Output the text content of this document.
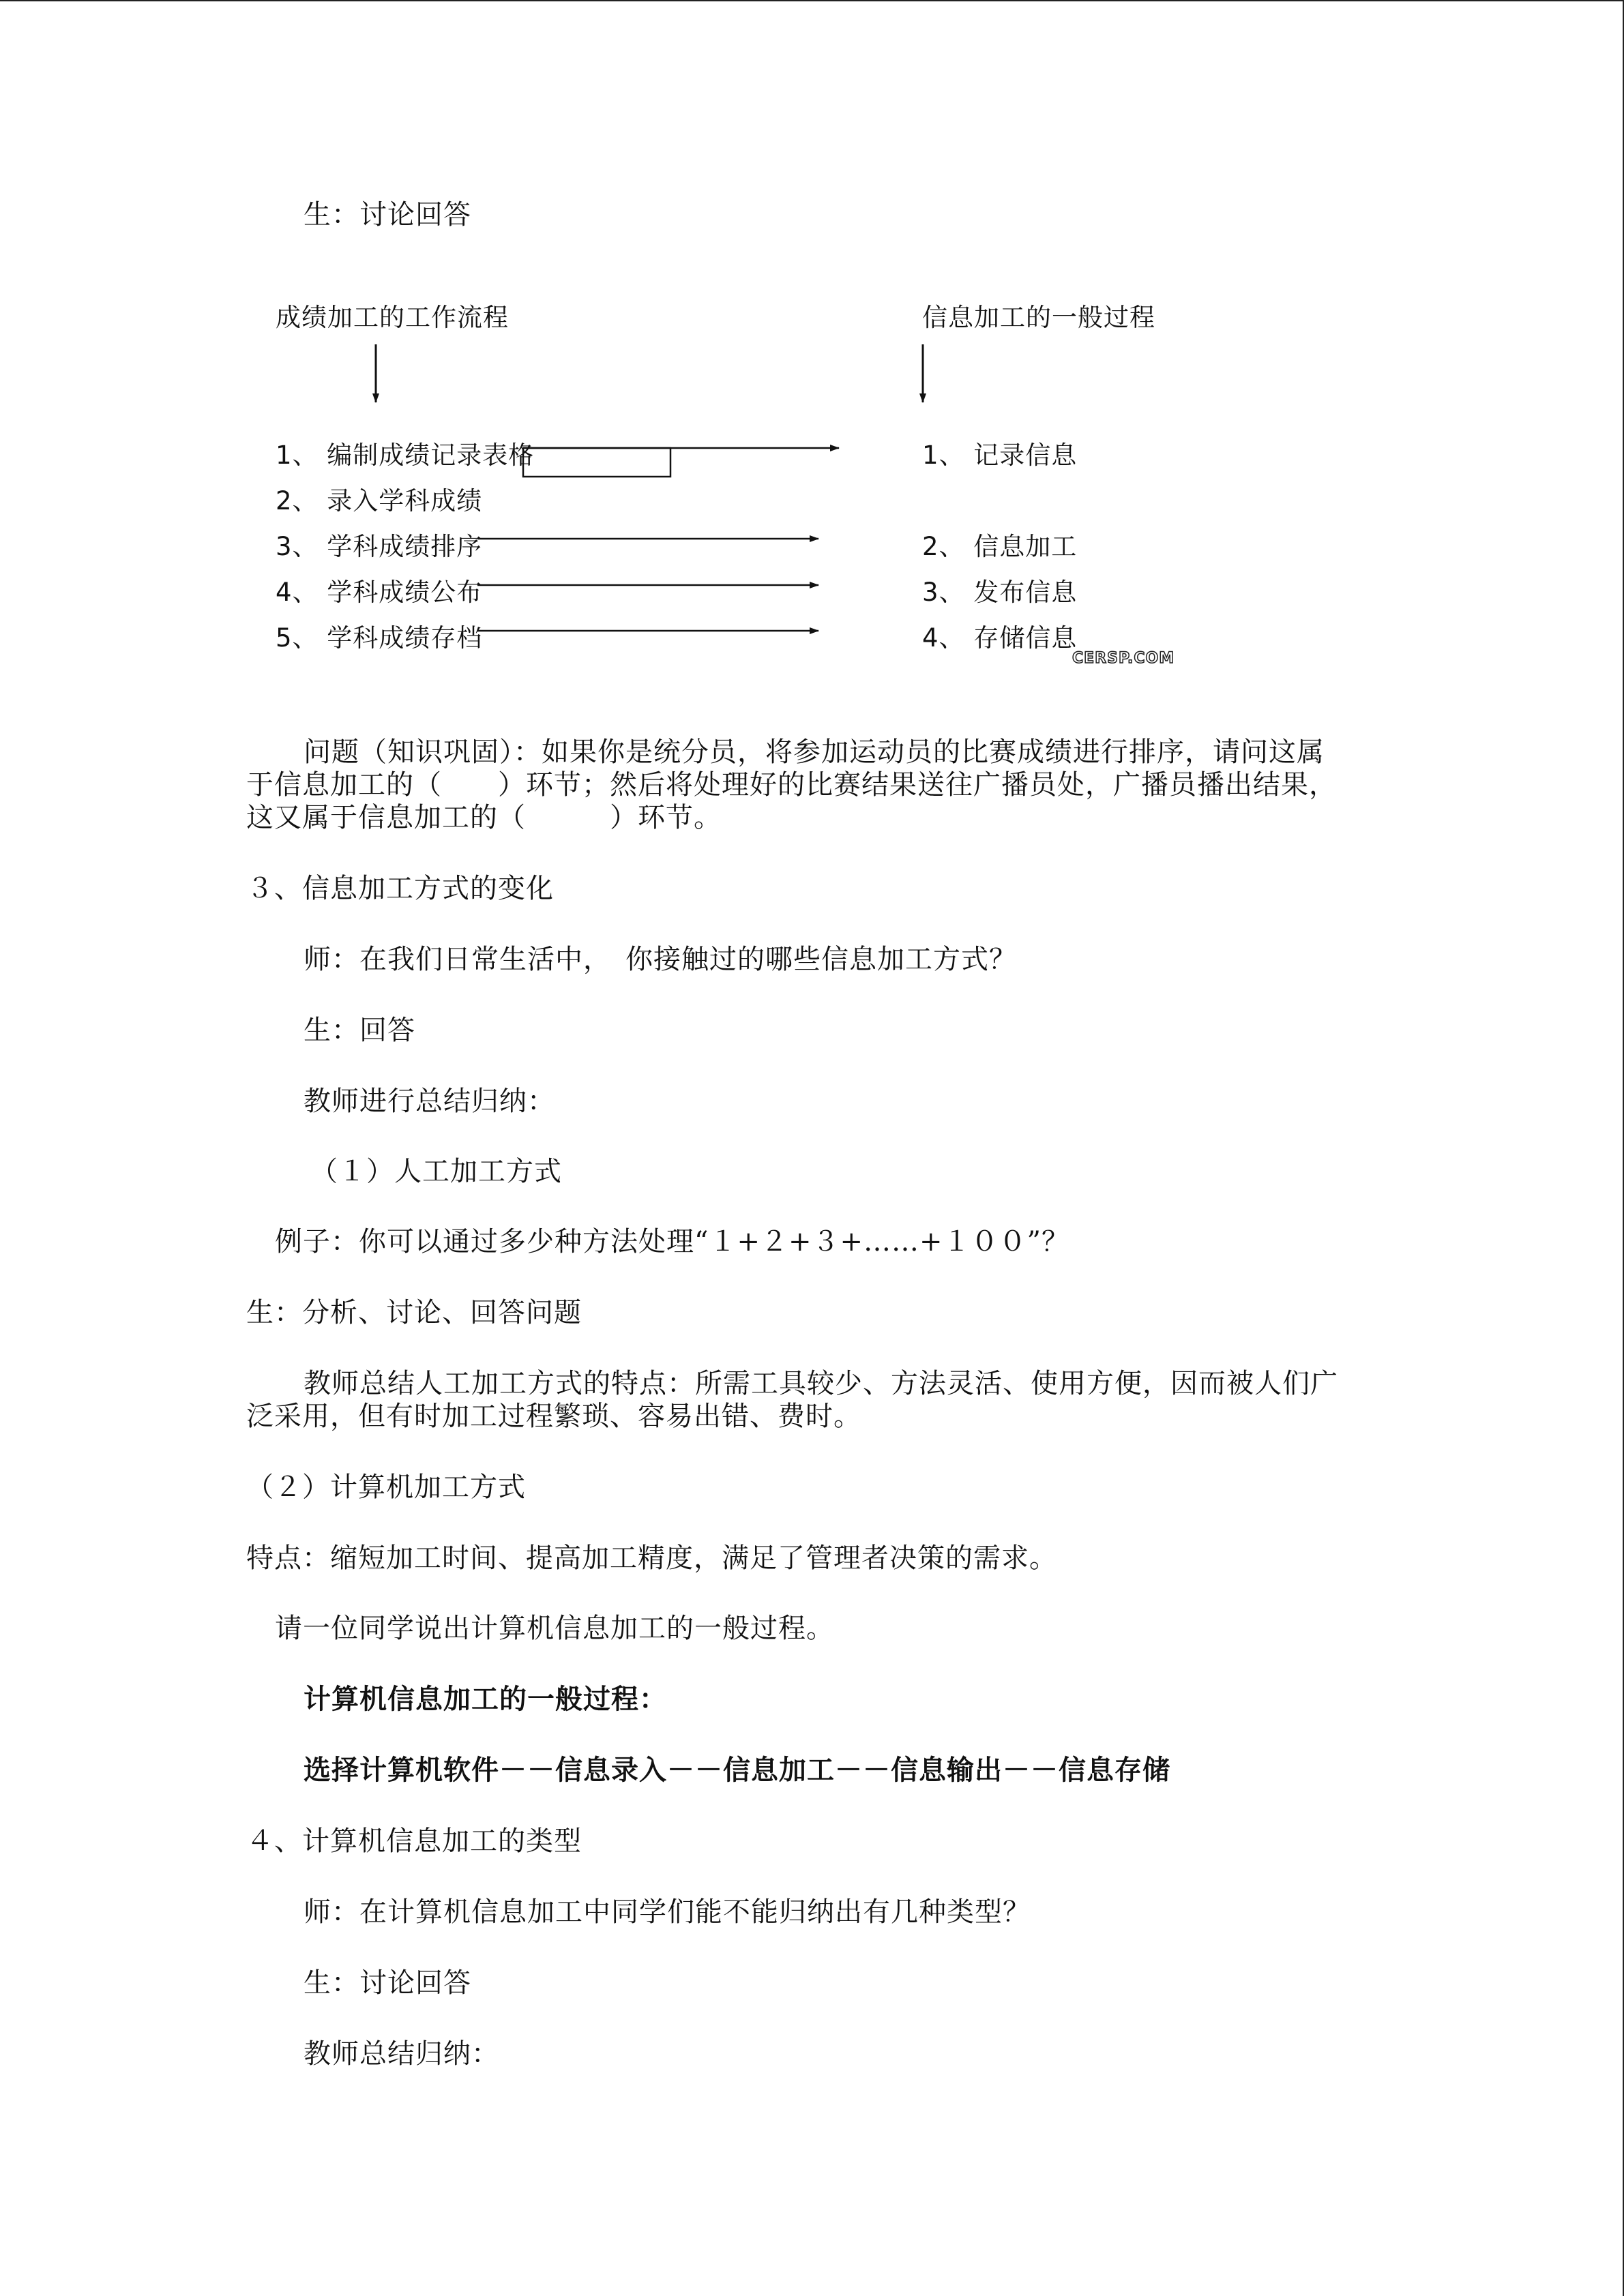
生：讨论回答
成绩加工的工作流程	信息加工的一般过程
1、 编制成绩记录表格
2、 录入学科成绩
3、 学科成绩排序
4、 学科成绩公布
5、 学科成绩存档
1、 记录信息
2、 信息加工
3、 发布信息
4、 存储信息
CERSP.COM
问题（知识巩固）：如果你是统分员，将参加运动员的比赛成绩进行排序，请问这属
于信息加工的（　　）环节；然后将处理好的比赛结果送往广播员处，广播员播出结果，
这又属于信息加工的（　　　）环节。
３、信息加工方式的变化
师：在我们日常生活中，　你接触过的哪些信息加工方式？
生：回答
教师进行总结归纳：
（１）人工加工方式
例子：你可以通过多少种方法处理“１+２+３+……+１００”？
生：分析、讨论、回答问题
教师总结人工加工方式的特点：所需工具较少、方法灵活、使用方便，因而被人们广
泛采用，但有时加工过程繁琐、容易出错、费时。
（２）计算机加工方式
特点：缩短加工时间、提高加工精度，满足了管理者决策的需求。
请一位同学说出计算机信息加工的一般过程。
计算机信息加工的一般过程：
选择计算机软件－－信息录入－－信息加工－－信息输出－－信息存储
４、计算机信息加工的类型
师：在计算机信息加工中同学们能不能归纳出有几种类型？
生：讨论回答
教师总结归纳：
